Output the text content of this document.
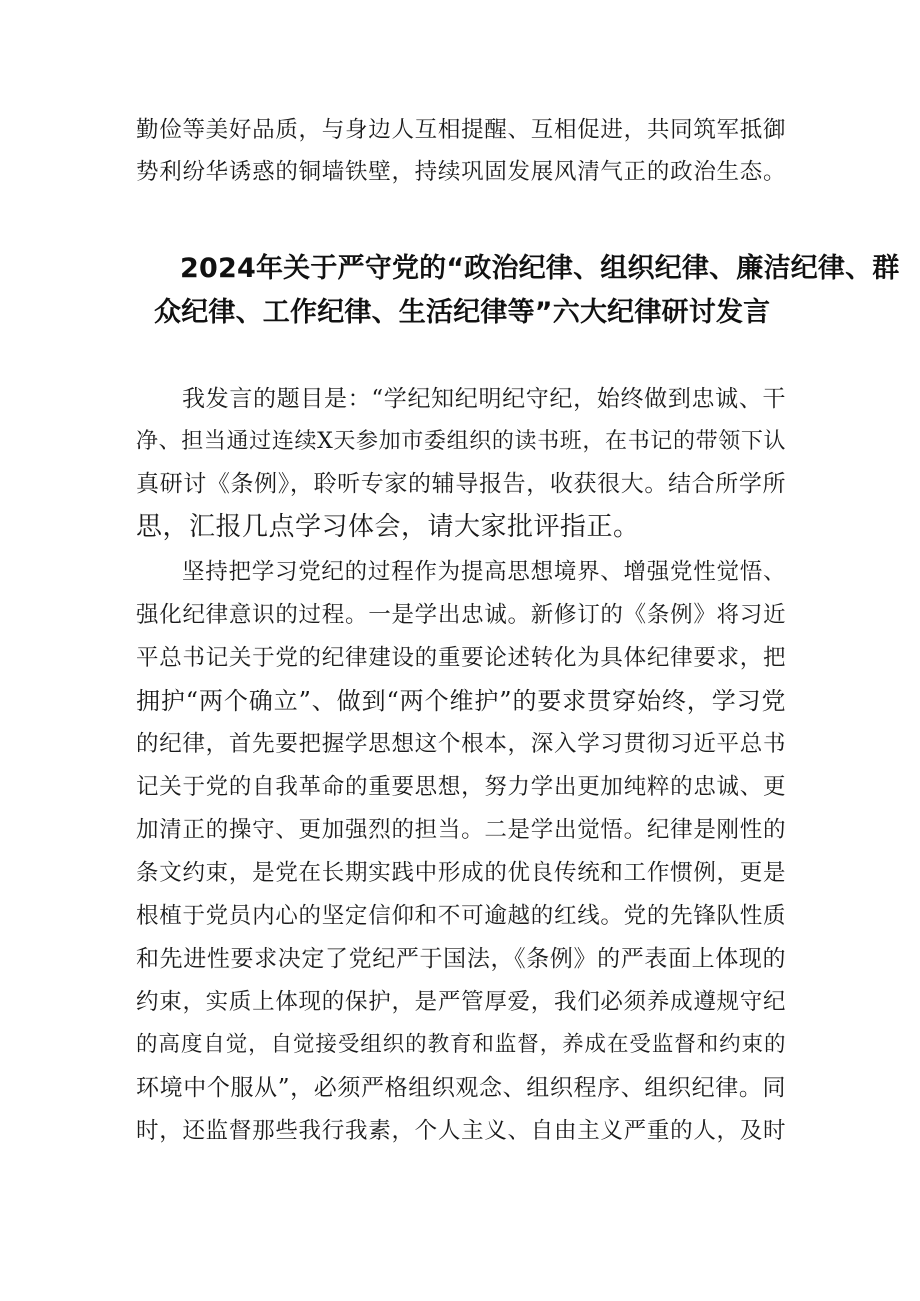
勤俭等美好品质，与身边人互相提醒、互相促进，共同筑军抵御
势利纷华诱惑的铜墙铁壁，持续巩固发展风清气正的政治生态。
2024年关于严守党的“政治纪律、组织纪律、廉洁纪律、群
众纪律、工作纪律、生活纪律等”六大纪律研讨发言
我发言的题目是：“学纪知纪明纪守纪，始终做到忠诚、干
净、担当通过连续X天参加市委组织的读书班，在书记的带领下认
真研讨《条例》，聆听专家的辅导报告，收获很大。结合所学所
思，汇报几点学习体会，请大家批评指正。
坚持把学习党纪的过程作为提高思想境界、增强党性觉悟、
强化纪律意识的过程。一是学出忠诚。新修订的《条例》将习近
平总书记关于党的纪律建设的重要论述转化为具体纪律要求，把
拥护“两个确立”、做到“两个维护”的要求贯穿始终，学习党
的纪律，首先要把握学思想这个根本，深入学习贯彻习近平总书
记关于党的自我革命的重要思想，努力学出更加纯粹的忠诚、更
加清正的操守、更加强烈的担当。二是学出觉悟。纪律是刚性的
条文约束，是党在长期实践中形成的优良传统和工作惯例，更是
根植于党员内心的坚定信仰和不可逾越的红线。党的先锋队性质
和先进性要求决定了党纪严于国法，《条例》的严表面上体现的
约束，实质上体现的保护，是严管厚爱，我们必须养成遵规守纪
的高度自觉，自觉接受组织的教育和监督，养成在受监督和约束的
环境中个服从”，必须严格组织观念、组织程序、组织纪律。同
时，还监督那些我行我素，个人主义、自由主义严重的人，及时
